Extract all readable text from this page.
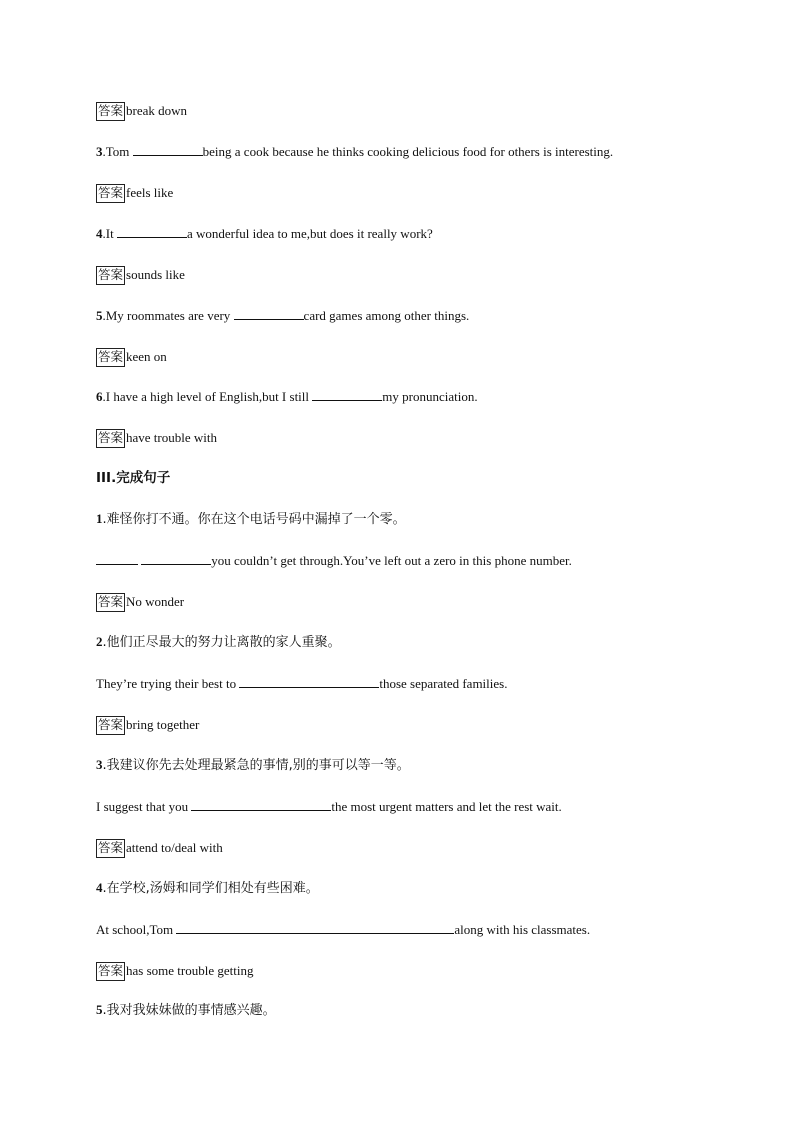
答案 break down
3.Tom	being a cook because he thinks cooking delicious food for others is interesting.
答案 feels like
4.It	a wonderful idea to me,but does it really work?
答案 sounds like
5.My roommates are very	card games among other things.
答案 keen on
6.I have a high level of English,but I still	my pronunciation.
答案 have trouble with
III.完成句子
1.难怪你打不通。你在这个电话号码中漏掉了一个零。
you couldn’t get through.You’ve left out a zero in this phone number.
答案 No wonder
2.他们正尽最大的努力让离散的家人重聚。
They’re trying their best to	those separated families.
答案 bring together
3.我建议你先去处理最紧急的事情,别的事可以等一等。
I suggest that you	the most urgent matters and let the rest wait.
答案 attend to/deal with
4.在学校,汤姆和同学们相处有些困难。
At school,Tom	along with his classmates.
答案 has some trouble getting
5.我对我妹妹做的事情感兴趣。
